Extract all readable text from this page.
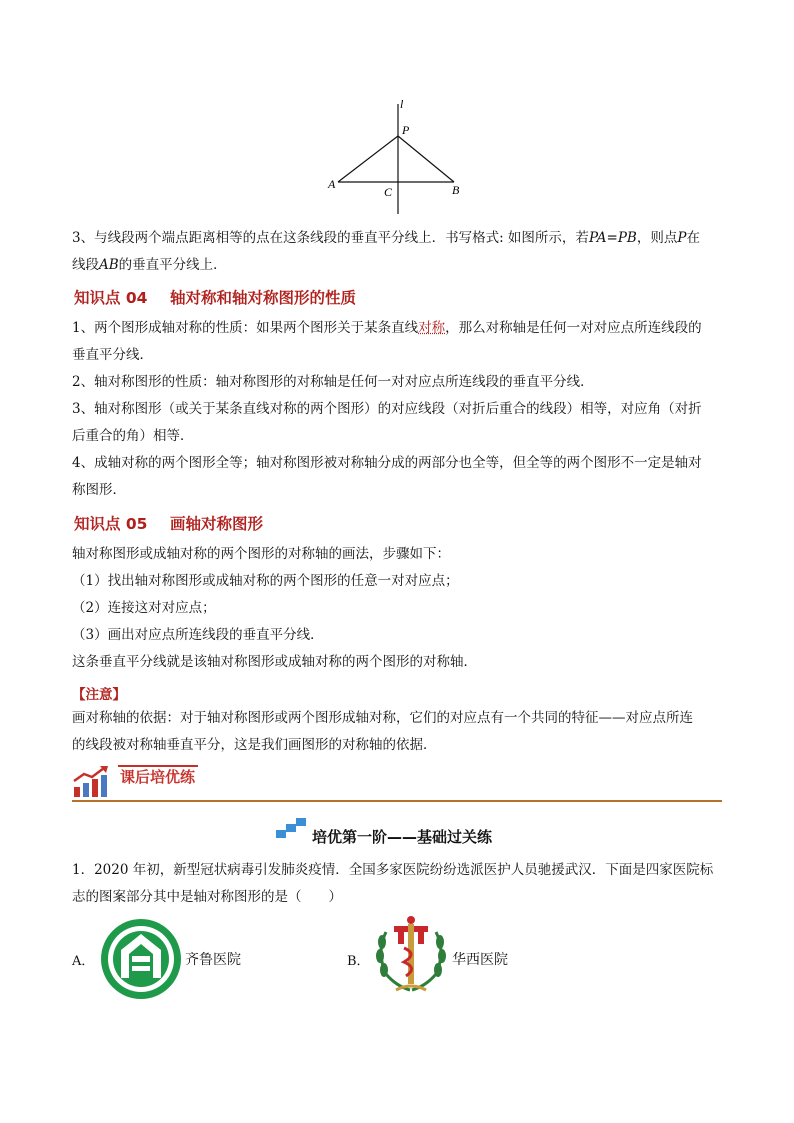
l
P
A
C	B
3、与线段两个端点距离相等的点在这条线段的垂直平分线上．书写格式: 如图所示，若PA=PB，则点P在
线段AB的垂直平分线上．
知识点 04 轴对称和轴对称图形的性质
1、两个图形成轴对称的性质：如果两个图形关于某条直线对称，那么对称轴是任何一对对应点所连线段的
垂直平分线．
2、轴对称图形的性质：轴对称图形的对称轴是任何一对对应点所连线段的垂直平分线．
3、轴对称图形（或关于某条直线对称的两个图形）的对应线段（对折后重合的线段）相等，对应角（对折
后重合的角）相等．
4、成轴对称的两个图形全等；轴对称图形被对称轴分成的两部分也全等，但全等的两个图形不一定是轴对
称图形．
知识点 05 画轴对称图形
轴对称图形或成轴对称的两个图形的对称轴的画法，步骤如下：
（1）找出轴对称图形或成轴对称的两个图形的任意一对对应点；
（2）连接这对对应点；
（3）画出对应点所连线段的垂直平分线．
这条垂直平分线就是该轴对称图形或成轴对称的两个图形的对称轴．
【注意】
画对称轴的依据：对于轴对称图形或两个图形成轴对称，它们的对应点有一个共同的特征——对应点所连
的线段被对称轴垂直平分，这是我们画图形的对称轴的依据．
课后培优练
培优第一阶——基础过关练
1．2020 年初，新型冠状病毒引发肺炎疫情．全国多家医院纷纷选派医护人员驰援武汉．下面是四家医院标
志的图案部分其中是轴对称图形的是（　　）
A．	齐鲁医院	B．	华西医院
